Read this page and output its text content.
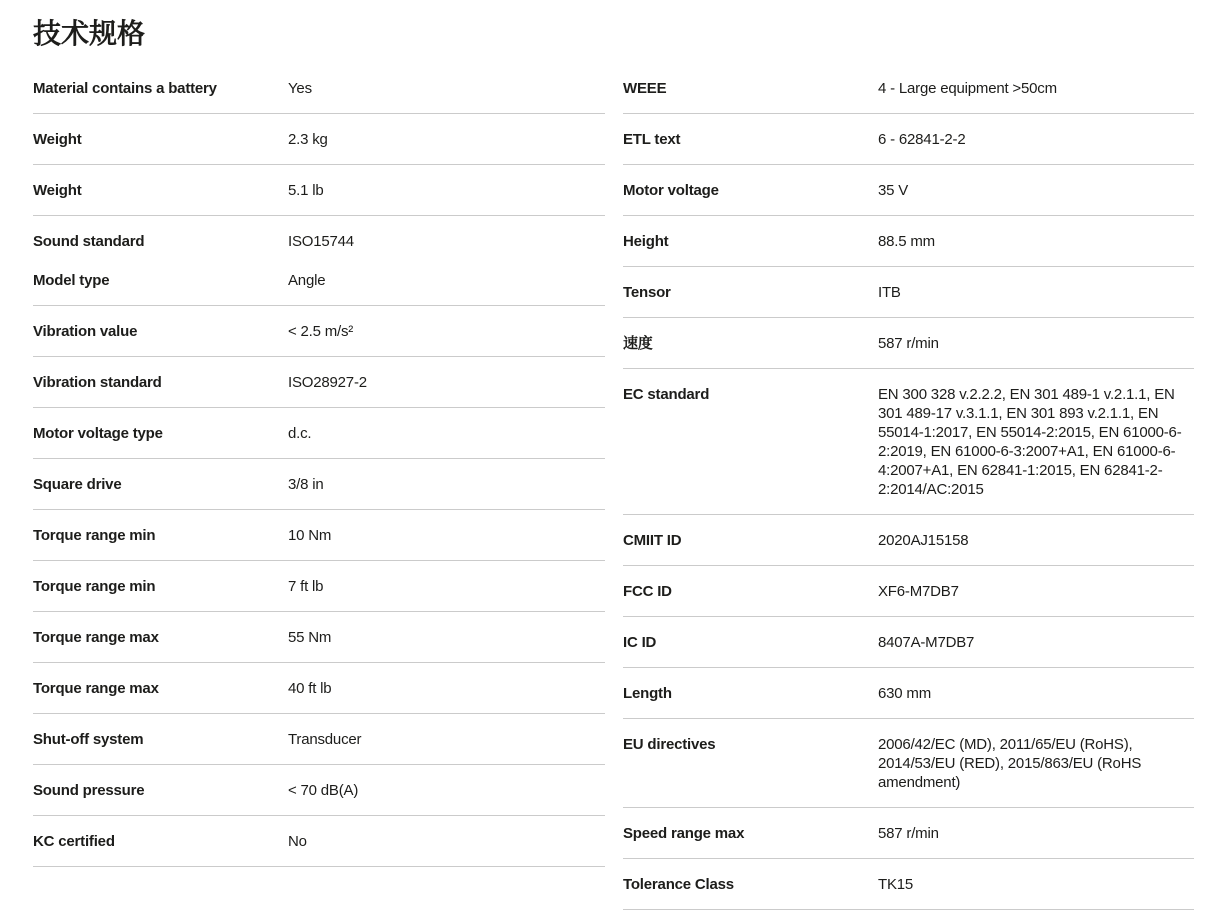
技术规格
Material contains a battery	Yes
Weight	2.3 kg
Weight	5.1 lb
Sound standard	ISO15744
Model type	Angle
Vibration value	< 2.5 m/s²
Vibration standard	ISO28927-2
Motor voltage type	d.c.
Square drive	3/8 in
Torque range min	10 Nm
Torque range min	7 ft lb
Torque range max	55 Nm
Torque range max	40 ft lb
Shut-off system	Transducer
Sound pressure	< 70 dB(A)
KC certified	No
WEEE	4 - Large equipment >50cm
ETL text	6 - 62841-2-2
Motor voltage	35 V
Height	88.5 mm
Tensor	ITB
速度	587 r/min
EC standard	EN 300 328 v.2.2.2, EN 301 489-1 v.2.1.1, EN 301 489-17 v.3.1.1, EN 301 893 v.2.1.1, EN 55014-1:2017, EN 55014-2:2015, EN 61000-6-2:2019, EN 61000-6-3:2007+A1, EN 61000-6-4:2007+A1, EN 62841-1:2015, EN 62841-2-2:2014/AC:2015
CMIIT ID	2020AJ15158
FCC ID	XF6-M7DB7
IC ID	8407A-M7DB7
Length	630 mm
EU directives	2006/42/EC (MD), 2011/65/EU (RoHS), 2014/53/EU (RED), 2015/863/EU (RoHS amendment)
Speed range max	587 r/min
Tolerance Class	TK15
